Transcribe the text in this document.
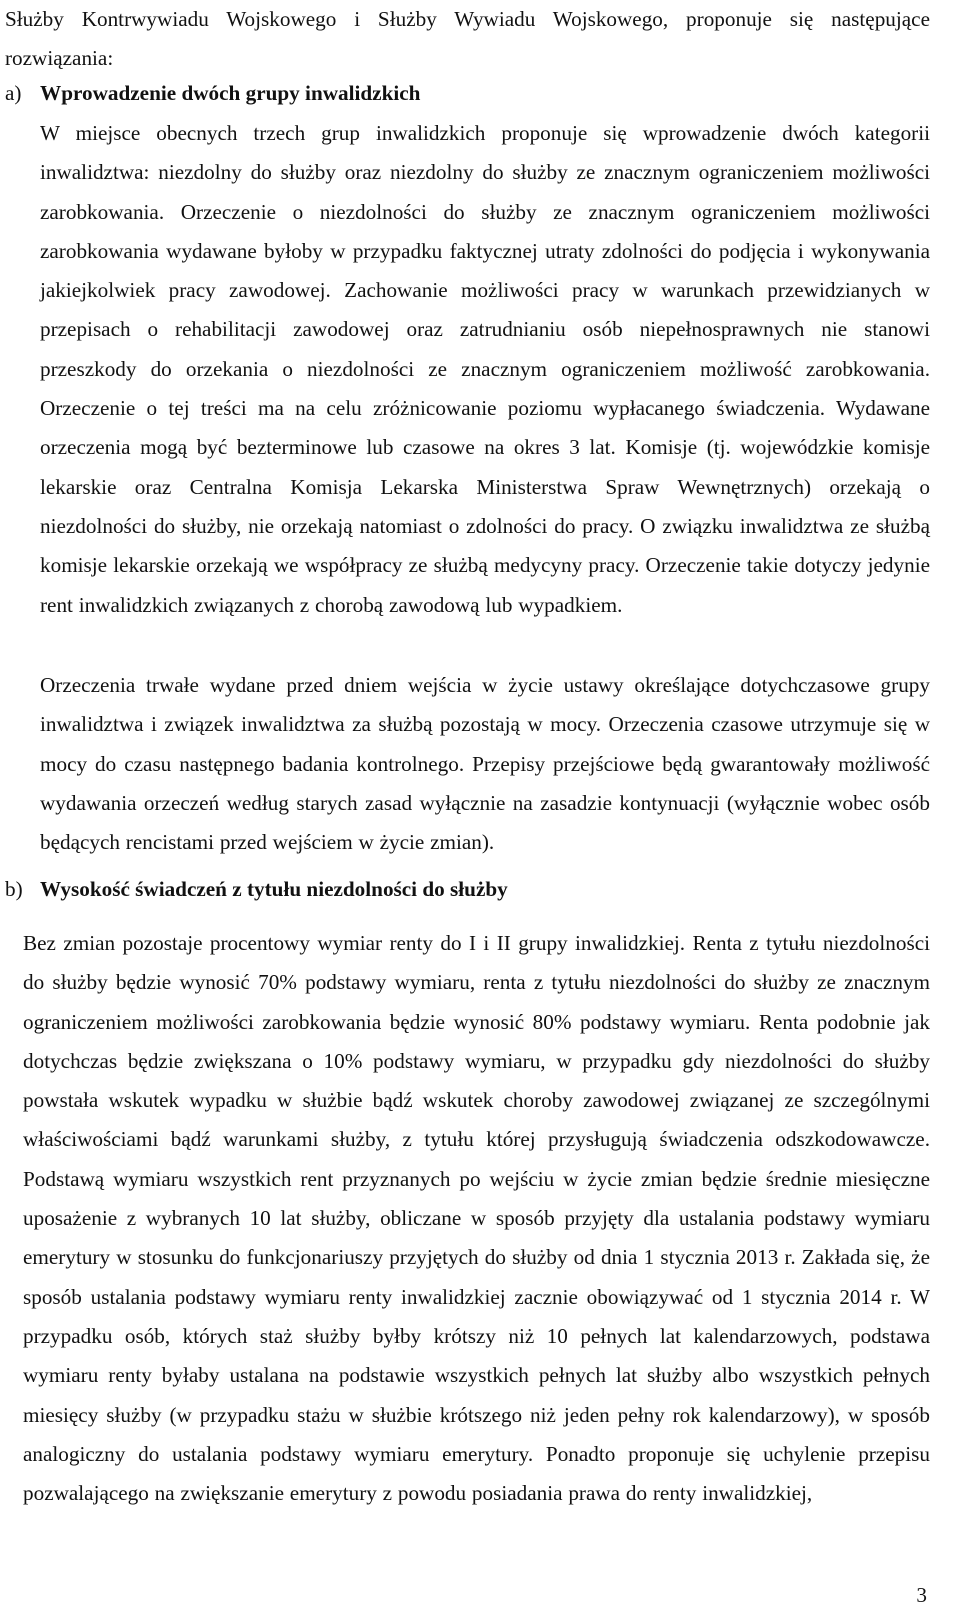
Służby Kontrwywiadu Wojskowego i Służby Wywiadu Wojskowego, proponuje się następujące rozwiązania:

a) Wprowadzenie dwóch grupy inwalidzkich

W miejsce obecnych trzech grup inwalidzkich proponuje się wprowadzenie dwóch kategorii inwalidztwa: niezdolny do służby oraz niezdolny do służby ze znacznym ograniczeniem możliwości zarobkowania. Orzeczenie o niezdolności do służby ze znacznym ograniczeniem możliwości zarobkowania wydawane byłoby w przypadku faktycznej utraty zdolności do podjęcia i wykonywania jakiejkolwiek pracy zawodowej. Zachowanie możliwości pracy w warunkach przewidzianych w przepisach o rehabilitacji zawodowej oraz zatrudnianiu osób niepełnosprawnych nie stanowi przeszkody do orzekania o niezdolności ze znacznym ograniczeniem możliwość zarobkowania. Orzeczenie o tej treści ma na celu zróżnicowanie poziomu wypłacanego świadczenia. Wydawane orzeczenia mogą być bezterminowe lub czasowe na okres 3 lat. Komisje (tj. wojewódzkie komisje lekarskie oraz Centralna Komisja Lekarska Ministerstwa Spraw Wewnętrznych) orzekają o niezdolności do służby, nie orzekają natomiast o zdolności do pracy. O związku inwalidztwa ze służbą komisje lekarskie orzekają we współpracy ze służbą medycyny pracy. Orzeczenie takie dotyczy jedynie rent inwalidzkich związanych z chorobą zawodową lub wypadkiem.

Orzeczenia trwałe wydane przed dniem wejścia w życie ustawy określające dotychczasowe grupy inwalidztwa i związek inwalidztwa za służbą pozostają w mocy. Orzeczenia czasowe utrzymuje się w mocy do czasu następnego badania kontrolnego. Przepisy przejściowe będą gwarantowały możliwość wydawania orzeczeń według starych zasad wyłącznie na zasadzie kontynuacji (wyłącznie wobec osób będących rencistami przed wejściem w życie zmian).

b) Wysokość świadczeń z tytułu niezdolności do służby

Bez zmian pozostaje procentowy wymiar renty do I i II grupy inwalidzkiej. Renta z tytułu niezdolności do służby będzie wynosić 70% podstawy wymiaru, renta z tytułu niezdolności do służby ze znacznym ograniczeniem możliwości zarobkowania będzie wynosić 80% podstawy wymiaru. Renta podobnie jak dotychczas będzie zwiększana o 10% podstawy wymiaru, w przypadku gdy niezdolności do służby powstała wskutek wypadku w służbie bądź wskutek choroby zawodowej związanej ze szczególnymi właściwościami bądź warunkami służby, z tytułu której przysługują świadczenia odszkodowawcze. Podstawą wymiaru wszystkich rent przyznanych po wejściu w życie zmian będzie średnie miesięczne uposażenie z wybranych 10 lat służby, obliczane w sposób przyjęty dla ustalania podstawy wymiaru emerytury w stosunku do funkcjonariuszy przyjętych do służby od dnia 1 stycznia 2013 r. Zakłada się, że sposób ustalania podstawy wymiaru renty inwalidzkiej zacznie obowiązywać od 1 stycznia 2014 r. W przypadku osób, których staż służby byłby krótszy niż 10 pełnych lat kalendarzowych, podstawa wymiaru renty byłaby ustalana na podstawie wszystkich pełnych lat służby albo wszystkich pełnych miesięcy służby (w przypadku stażu w służbie krótszego niż jeden pełny rok kalendarzowy), w sposób analogiczny do ustalania podstawy wymiaru emerytury. Ponadto proponuje się uchylenie przepisu pozwalającego na zwiększanie emerytury z powodu posiadania prawa do renty inwalidzkiej,

3
